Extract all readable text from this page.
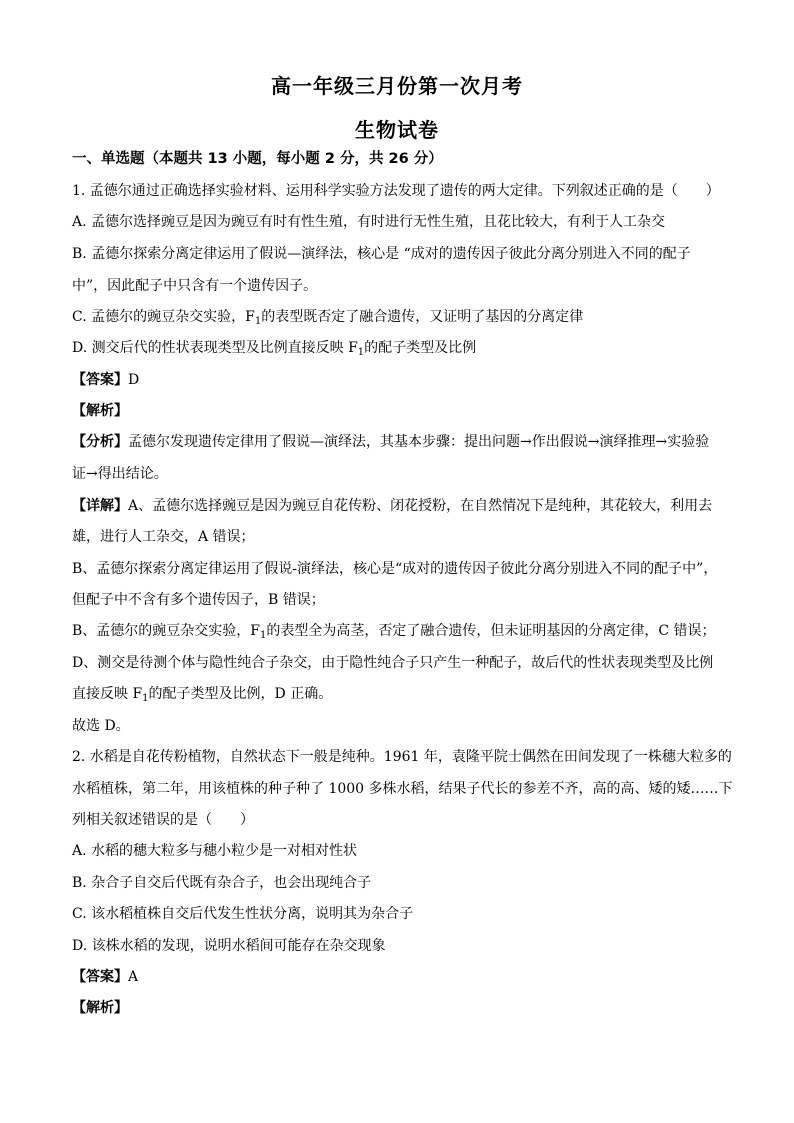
高一年级三月份第一次月考
生物试卷
一、单选题（本题共 13 小题，每小题 2 分，共 26 分）
1. 孟德尔通过正确选择实验材料、运用科学实验方法发现了遗传的两大定律。下列叙述正确的是（　　）
A. 孟德尔选择豌豆是因为豌豆有时有性生殖，有时进行无性生殖，且花比较大，有利于人工杂交
B. 孟德尔探索分离定律运用了假说—演绎法，核心是 “成对的遗传因子彼此分离分别进入不同的配子
中”，因此配子中只含有一个遗传因子。
C. 孟德尔的豌豆杂交实验，$F_1$的表型既否定了融合遗传，又证明了基因的分离定律
D. 测交后代的性状表现类型及比例直接反映 $F_1$的配子类型及比例
【答案】D
【解析】
【分析】孟德尔发现遗传定律用了假说—演绎法，其基本步骤：提出问题→作出假说→演绎推理→实验验
证→得出结论。
【详解】A、孟德尔选择豌豆是因为豌豆自花传粉、闭花授粉，在自然情况下是纯种，其花较大，利用去
雄，进行人工杂交，A 错误；
B、孟德尔探索分离定律运用了假说-演绎法，核心是“成对的遗传因子彼此分离分别进入不同的配子中”，
但配子中不含有多个遗传因子，B 错误；
B、孟德尔的豌豆杂交实验，$F_1$的表型全为高茎，否定了融合遗传，但未证明基因的分离定律，C 错误；
D、测交是待测个体与隐性纯合子杂交，由于隐性纯合子只产生一种配子，故后代的性状表现类型及比例
直接反映 $F_1$的配子类型及比例，D 正确。
故选 D。
2. 水稻是自花传粉植物，自然状态下一般是纯种。1961 年，袁隆平院士偶然在田间发现了一株穗大粒多的
水稻植株，第二年，用该植株的种子种了 1000 多株水稻，结果子代长的参差不齐，高的高、矮的矮……下
列相关叙述错误的是（　　）
A. 水稻的穗大粒多与穗小粒少是一对相对性状
B. 杂合子自交后代既有杂合子，也会出现纯合子
C. 该水稻植株自交后代发生性状分离，说明其为杂合子
D. 该株水稻的发现，说明水稻间可能存在杂交现象
【答案】A
【解析】
